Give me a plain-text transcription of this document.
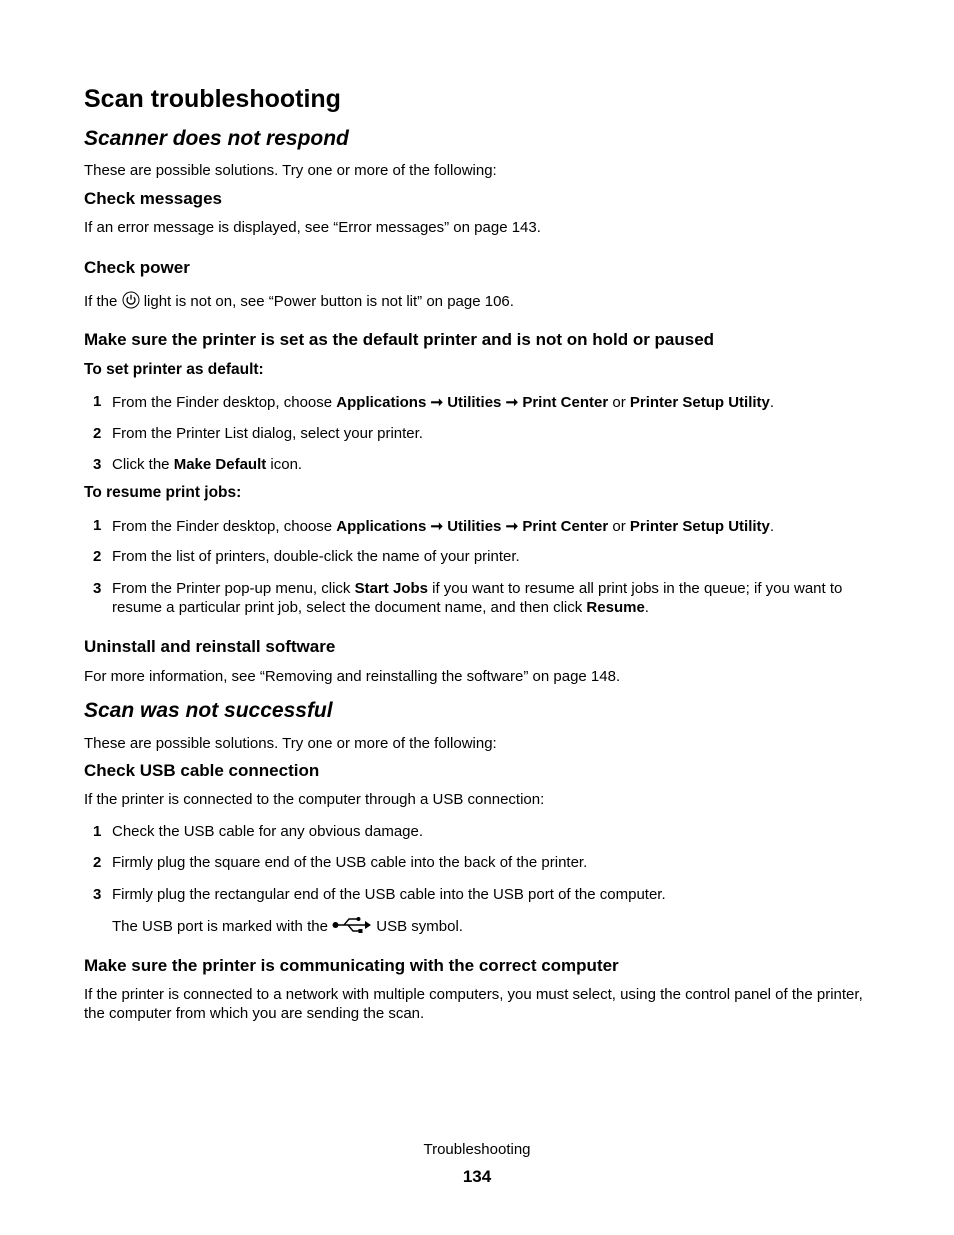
Scan troubleshooting
Scanner does not respond
These are possible solutions. Try one or more of the following:
Check messages
If an error message is displayed, see “Error messages” on page 143.
Check power
If the light is not on, see “Power button is not lit” on page 106.
Make sure the printer is set as the default printer and is not on hold or paused
To set printer as default:
1 From the Finder desktop, choose Applications ➞ Utilities ➞ Print Center or Printer Setup Utility.
2 From the Printer List dialog, select your printer.
3 Click the Make Default icon.
To resume print jobs:
1 From the Finder desktop, choose Applications ➞ Utilities ➞ Print Center or Printer Setup Utility.
2 From the list of printers, double-click the name of your printer.
3 From the Printer pop-up menu, click Start Jobs if you want to resume all print jobs in the queue; if you want to resume a particular print job, select the document name, and then click Resume.
Uninstall and reinstall software
For more information, see “Removing and reinstalling the software” on page 148.
Scan was not successful
These are possible solutions. Try one or more of the following:
Check USB cable connection
If the printer is connected to the computer through a USB connection:
1 Check the USB cable for any obvious damage.
2 Firmly plug the square end of the USB cable into the back of the printer.
3 Firmly plug the rectangular end of the USB cable into the USB port of the computer.
The USB port is marked with the	USB symbol.
Make sure the printer is communicating with the correct computer
If the printer is connected to a network with multiple computers, you must select, using the control panel of the printer, the computer from which you are sending the scan.
Troubleshooting
134
